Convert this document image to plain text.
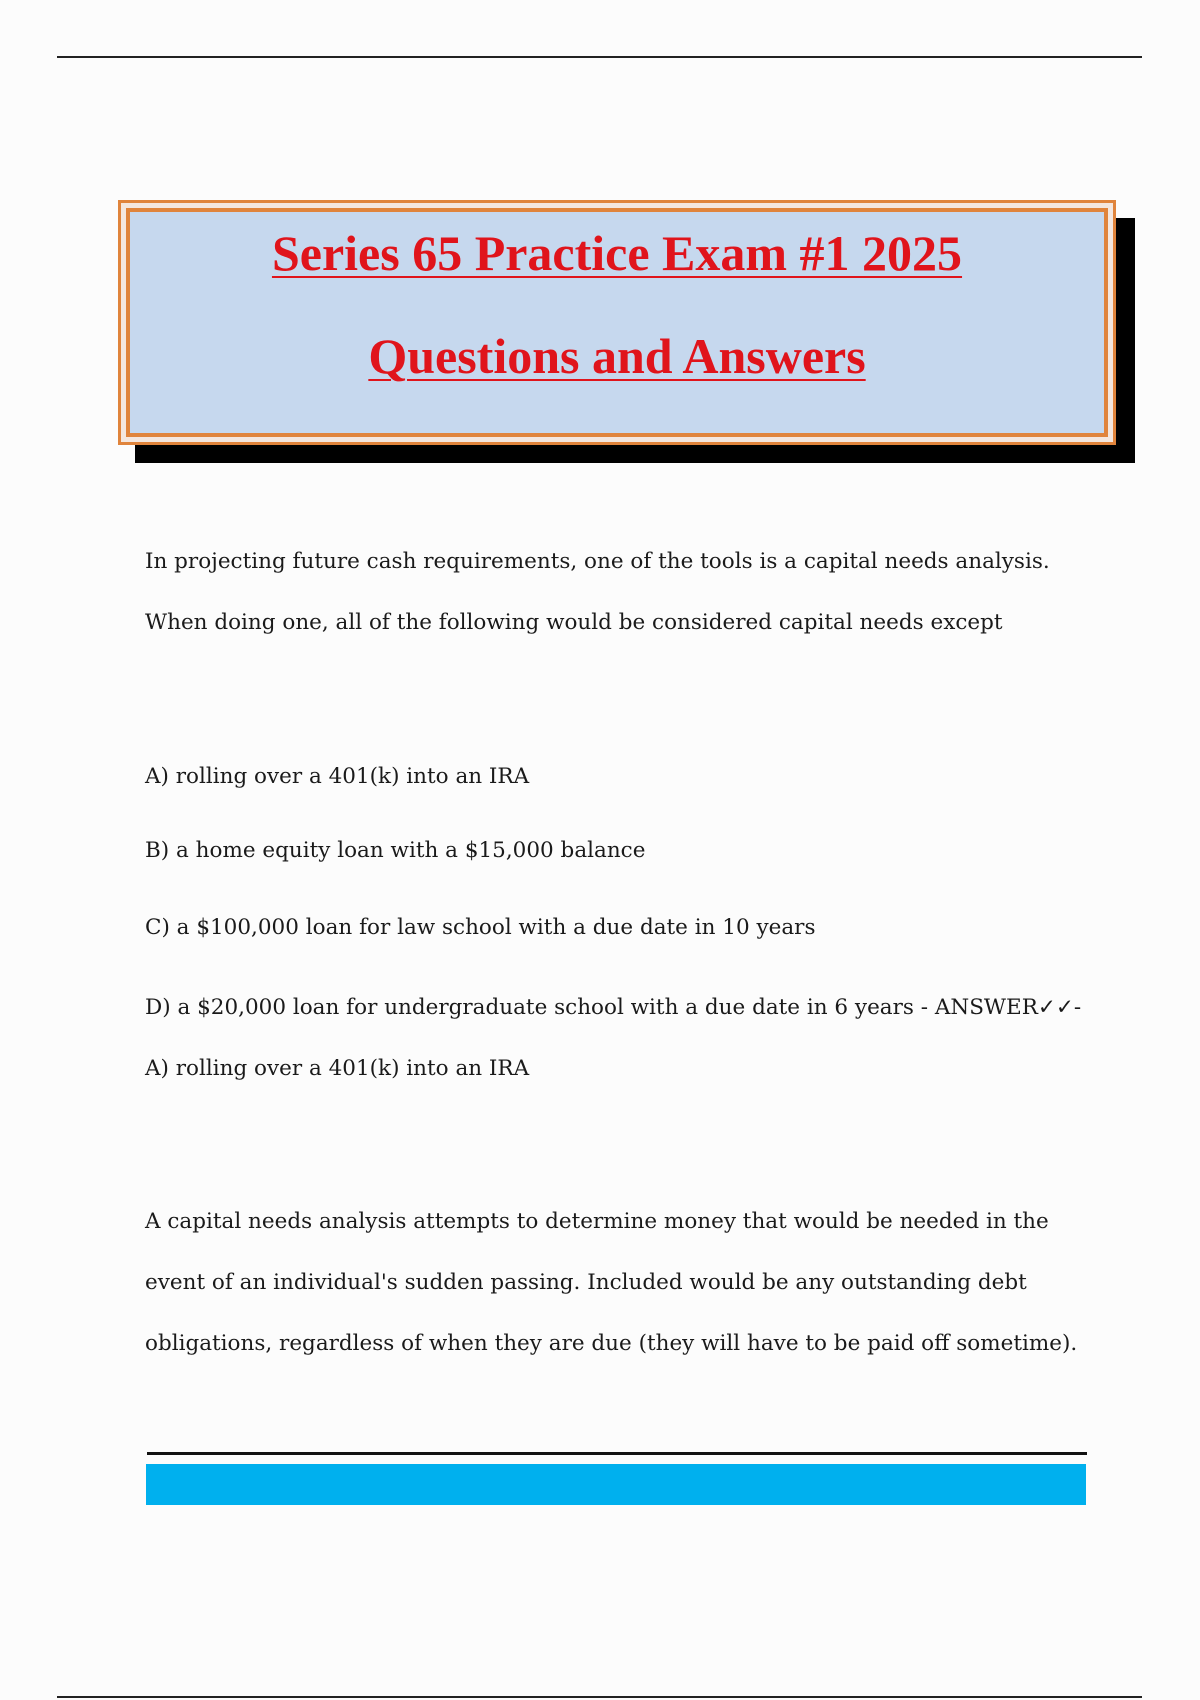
Series 65 Practice Exam #1 2025
Questions and Answers

In projecting future cash requirements, one of the tools is a capital needs analysis. When doing one, all of the following would be considered capital needs except

A) rolling over a 401(k) into an IRA

B) a home equity loan with a $15,000 balance

C) a $100,000 loan for law school with a due date in 10 years

D) a $20,000 loan for undergraduate school with a due date in 6 years - ANSWER✓✓-A) rolling over a 401(k) into an IRA

A capital needs analysis attempts to determine money that would be needed in the event of an individual's sudden passing. Included would be any outstanding debt obligations, regardless of when they are due (they will have to be paid off sometime).
